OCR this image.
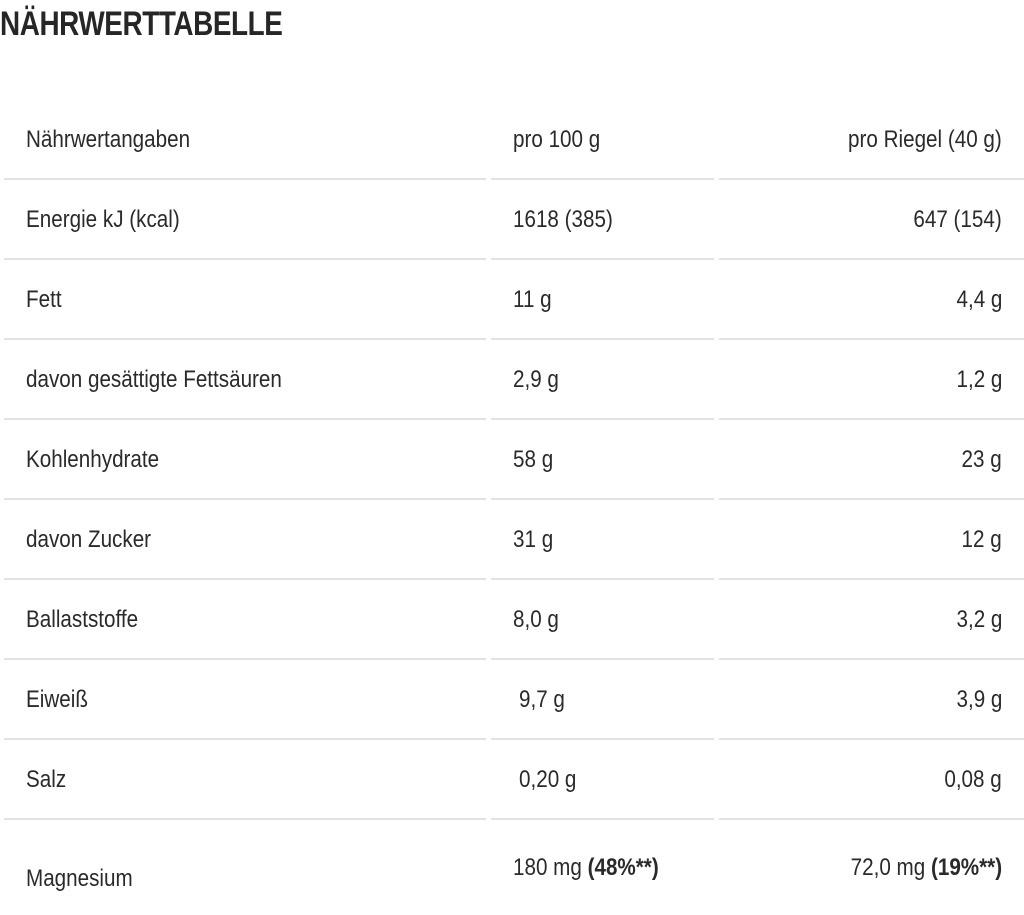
NÄHRWERTTABELLE
Nährwertangaben	pro 100 g	pro Riegel (40 g)
Energie kJ (kcal)	1618 (385)	647 (154)
Fett	11 g	4,4 g
davon gesättigte Fettsäuren	2,9 g	1,2 g
Kohlenhydrate	58 g	23 g
davon Zucker	31 g	12 g
Ballaststoffe	8,0 g	3,2 g
Eiweiß	9,7 g	3,9 g
Salz	0,20 g	0,08 g
Magnesium	180 mg (48%**)	72,0 mg (19%**)
